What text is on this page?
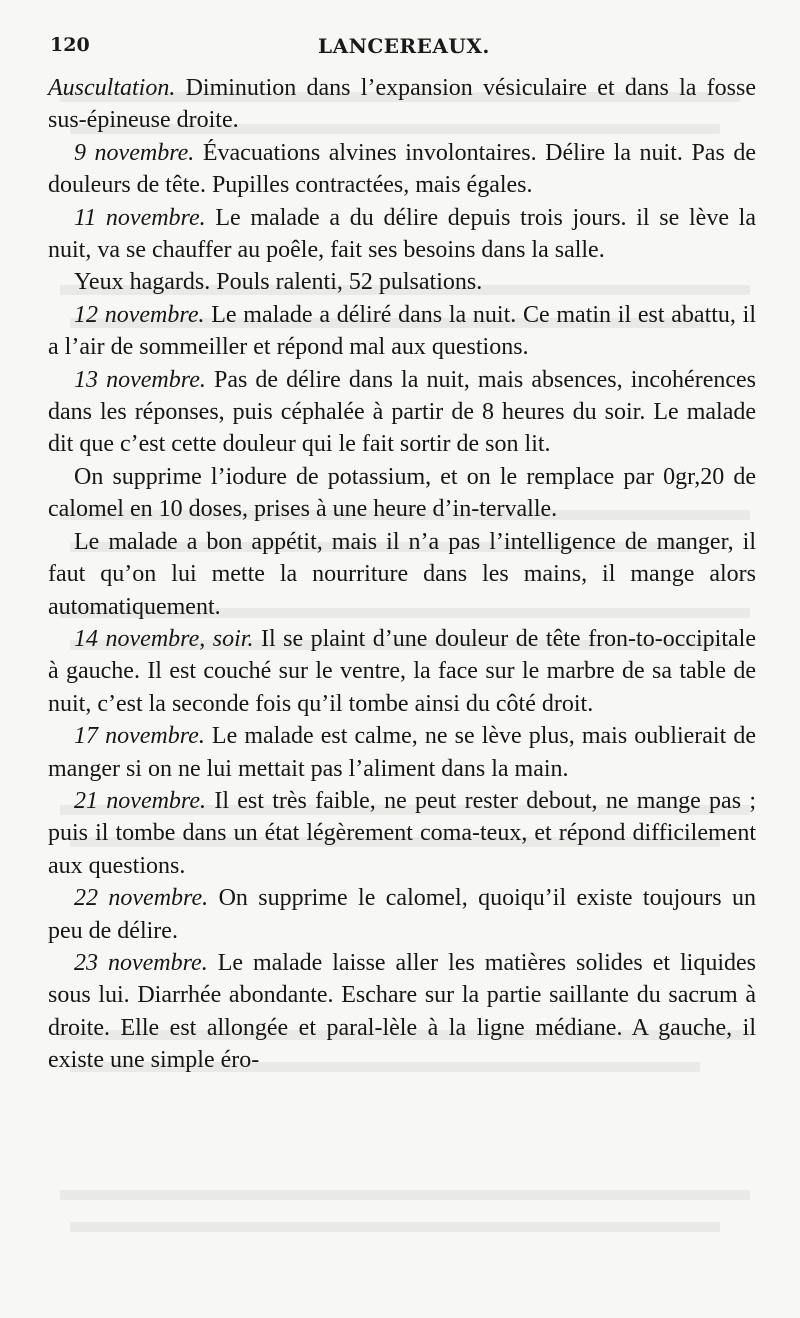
120	LANCEREAUX.

Auscultation. Diminution dans l’expansion vésiculaire et dans la fosse sus-épineuse droite.

9 novembre. Évacuations alvines involontaires. Délire la nuit. Pas de douleurs de tête. Pupilles contractées, mais égales.

11 novembre. Le malade a du délire depuis trois jours. il se lève la nuit, va se chauffer au poêle, fait ses besoins dans la salle.

Yeux hagards. Pouls ralenti, 52 pulsations.

12 novembre. Le malade a déliré dans la nuit. Ce matin il est abattu, il a l’air de sommeiller et répond mal aux questions.

13 novembre. Pas de délire dans la nuit, mais absences, incohérences dans les réponses, puis céphalée à partir de 8 heures du soir. Le malade dit que c’est cette douleur qui le fait sortir de son lit.

On supprime l’iodure de potassium, et on le remplace par 0gr,20 de calomel en 10 doses, prises à une heure d’in-tervalle.

Le malade a bon appétit, mais il n’a pas l’intelligence de manger, il faut qu’on lui mette la nourriture dans les mains, il mange alors automatiquement.

14 novembre, soir. Il se plaint d’une douleur de tête fron-to-occipitale à gauche. Il est couché sur le ventre, la face sur le marbre de sa table de nuit, c’est la seconde fois qu’il tombe ainsi du côté droit.

17 novembre. Le malade est calme, ne se lève plus, mais oublierait de manger si on ne lui mettait pas l’aliment dans la main.

21 novembre. Il est très faible, ne peut rester debout, ne mange pas ; puis il tombe dans un état légèrement coma-teux, et répond difficilement aux questions.

22 novembre. On supprime le calomel, quoiqu’il existe toujours un peu de délire.

23 novembre. Le malade laisse aller les matières solides et liquides sous lui. Diarrhée abondante. Eschare sur la partie saillante du sacrum à droite. Elle est allongée et paral-lèle à la ligne médiane. A gauche, il existe une simple éro-
